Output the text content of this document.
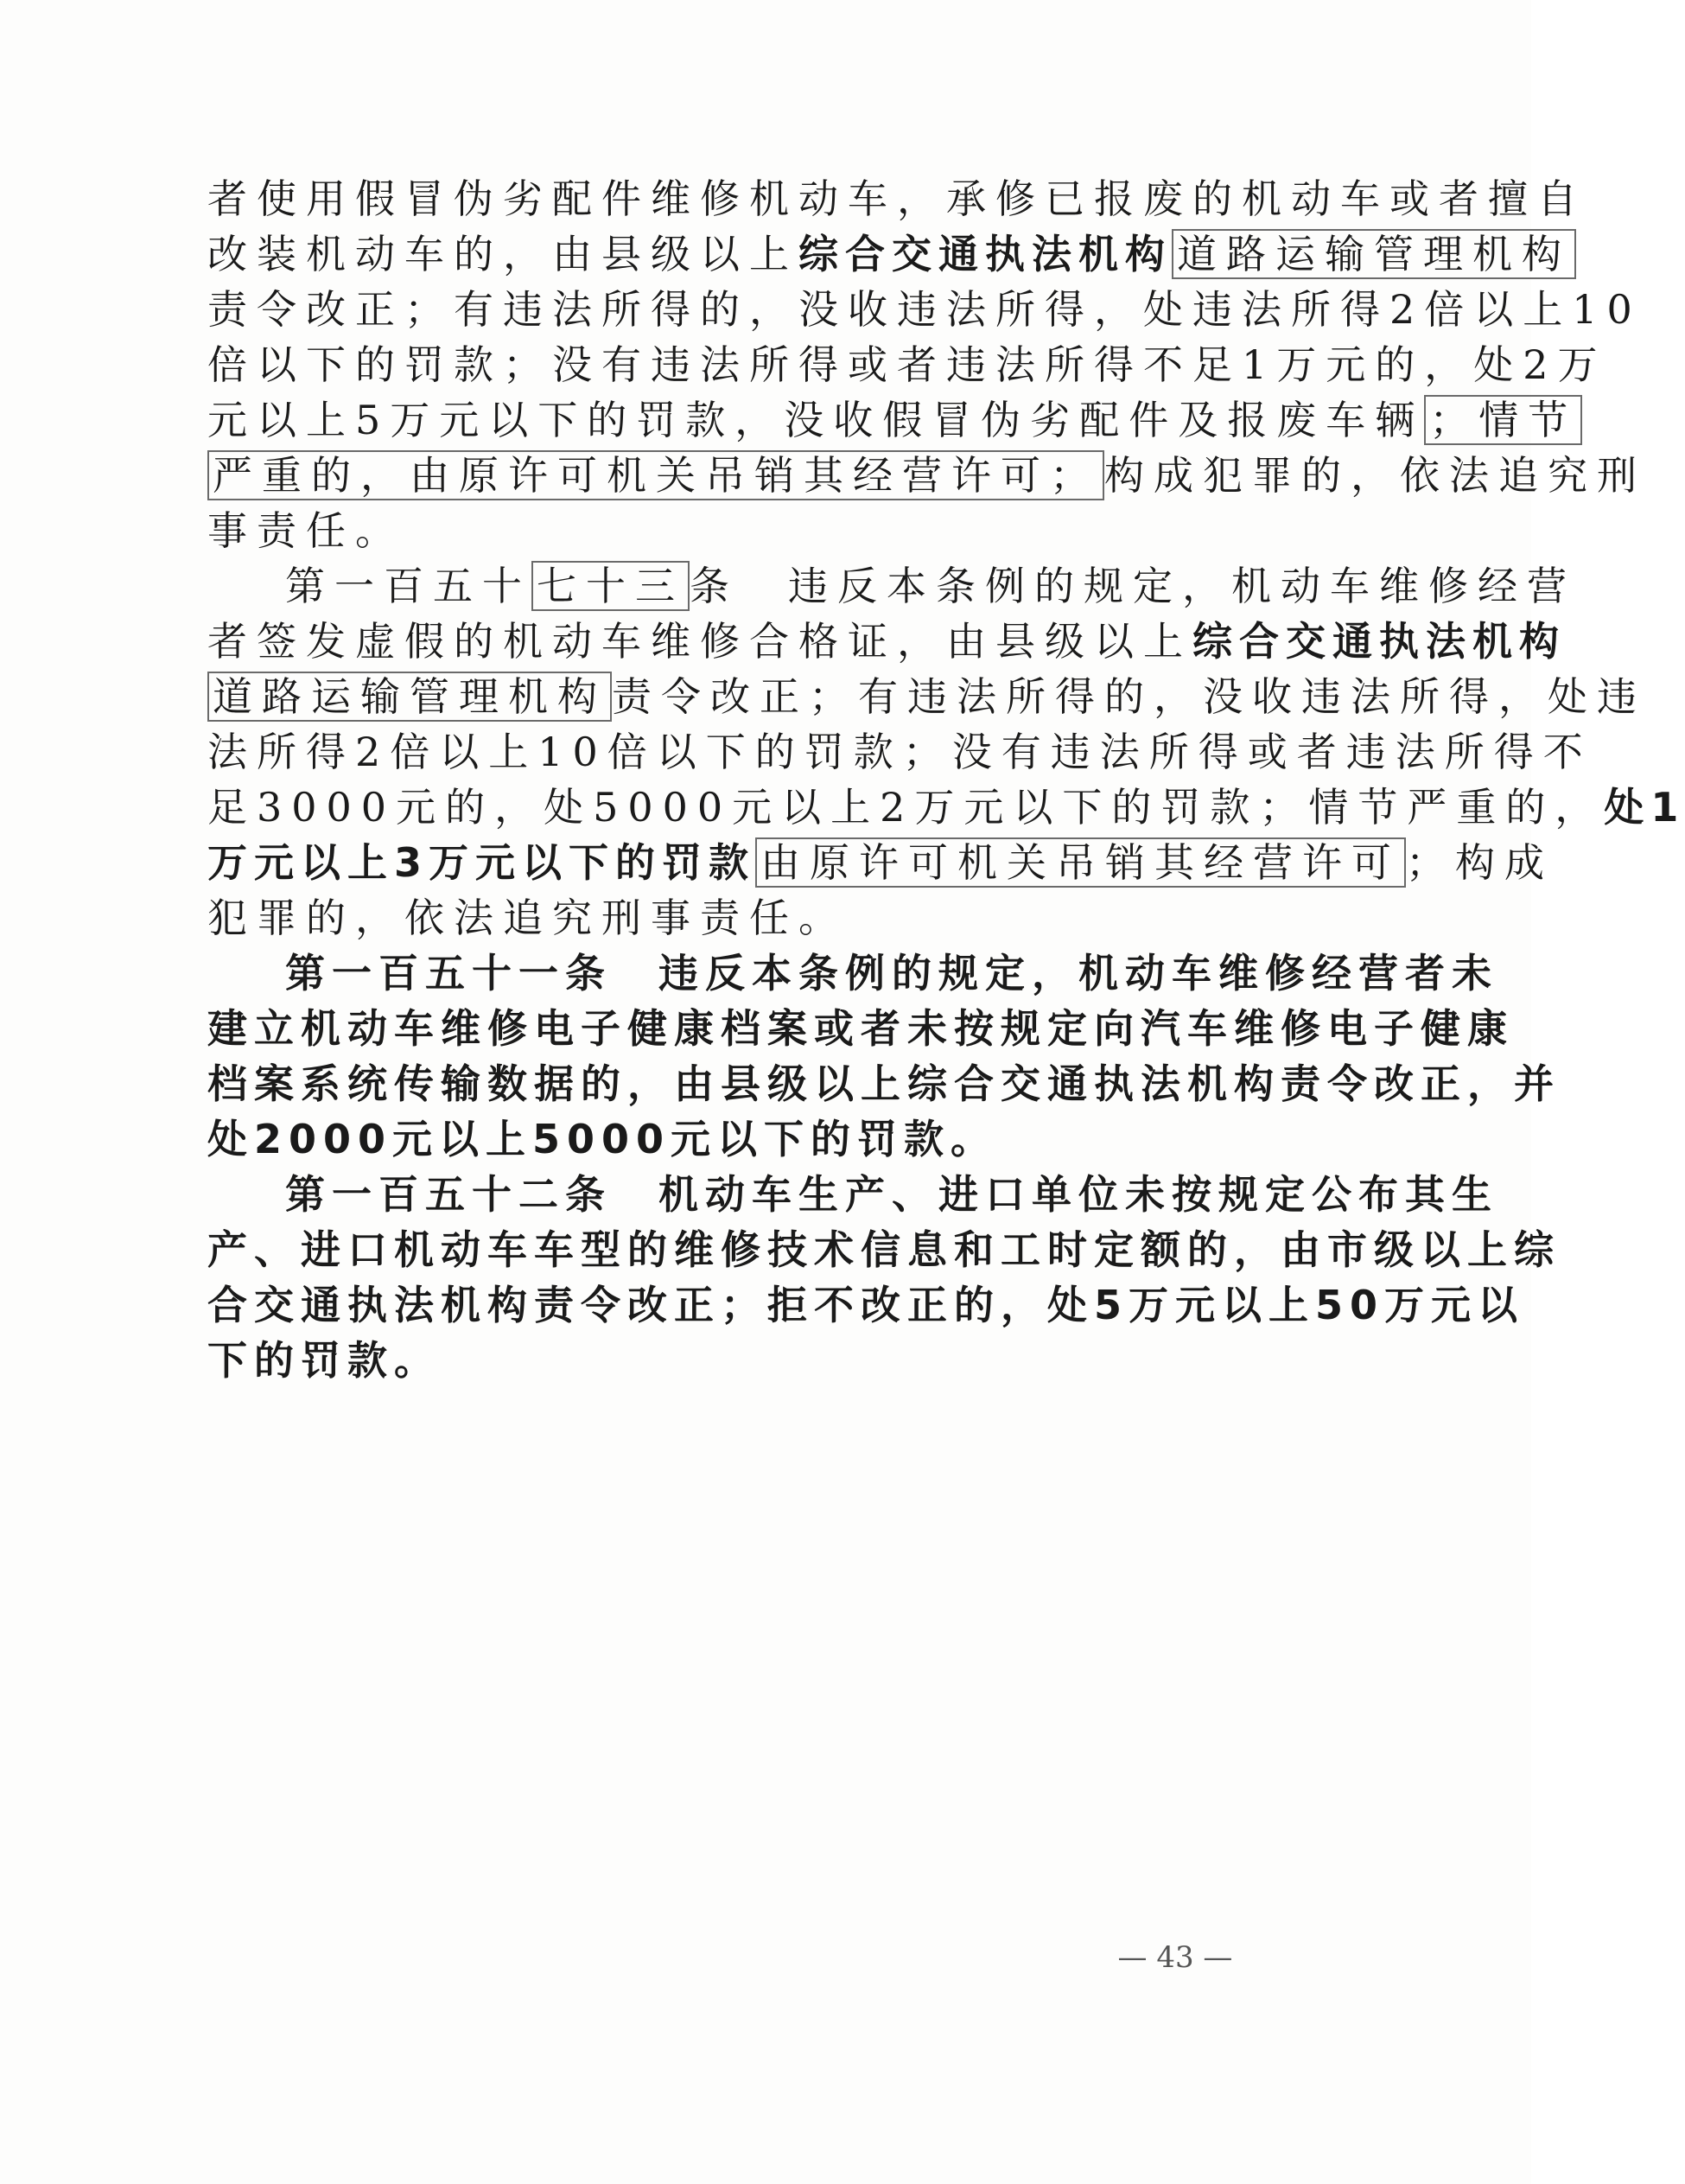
者使用假冒伪劣配件维修机动车，承修已报废的机动车或者擅自
改装机动车的，由县级以上综合交通执法机构 道路运输管理机构
责令改正；有违法所得的，没收违法所得，处违法所得2倍以上10
倍以下的罚款；没有违法所得或者违法所得不足1万元的，处2万
元以上5万元以下的罚款，没收假冒伪劣配件及报废车辆 ；情节
严重的，由原许可机关吊销其经营许可； 构成犯罪的，依法追究刑
事责任。
第一百五十 七十三 条　违反本条例的规定，机动车维修经营
者签发虚假的机动车维修合格证，由县级以上综合交通执法机构
道路运输管理机构 责令改正；有违法所得的，没收违法所得，处违
法所得2倍以上10倍以下的罚款；没有违法所得或者违法所得不
足3000元的，处5000元以上2万元以下的罚款；情节严重的，处1
万元以上3万元以下的罚款 由原许可机关吊销其经营许可 ；构成
犯罪的，依法追究刑事责任。
第一百五十一条　违反本条例的规定，机动车维修经营者未
建立机动车维修电子健康档案或者未按规定向汽车维修电子健康
档案系统传输数据的，由县级以上综合交通执法机构责令改正，并
处2000元以上5000元以下的罚款。
第一百五十二条　机动车生产、进口单位未按规定公布其生
产、进口机动车车型的维修技术信息和工时定额的，由市级以上综
合交通执法机构责令改正；拒不改正的，处5万元以上50万元以
下的罚款。
— 43 —
